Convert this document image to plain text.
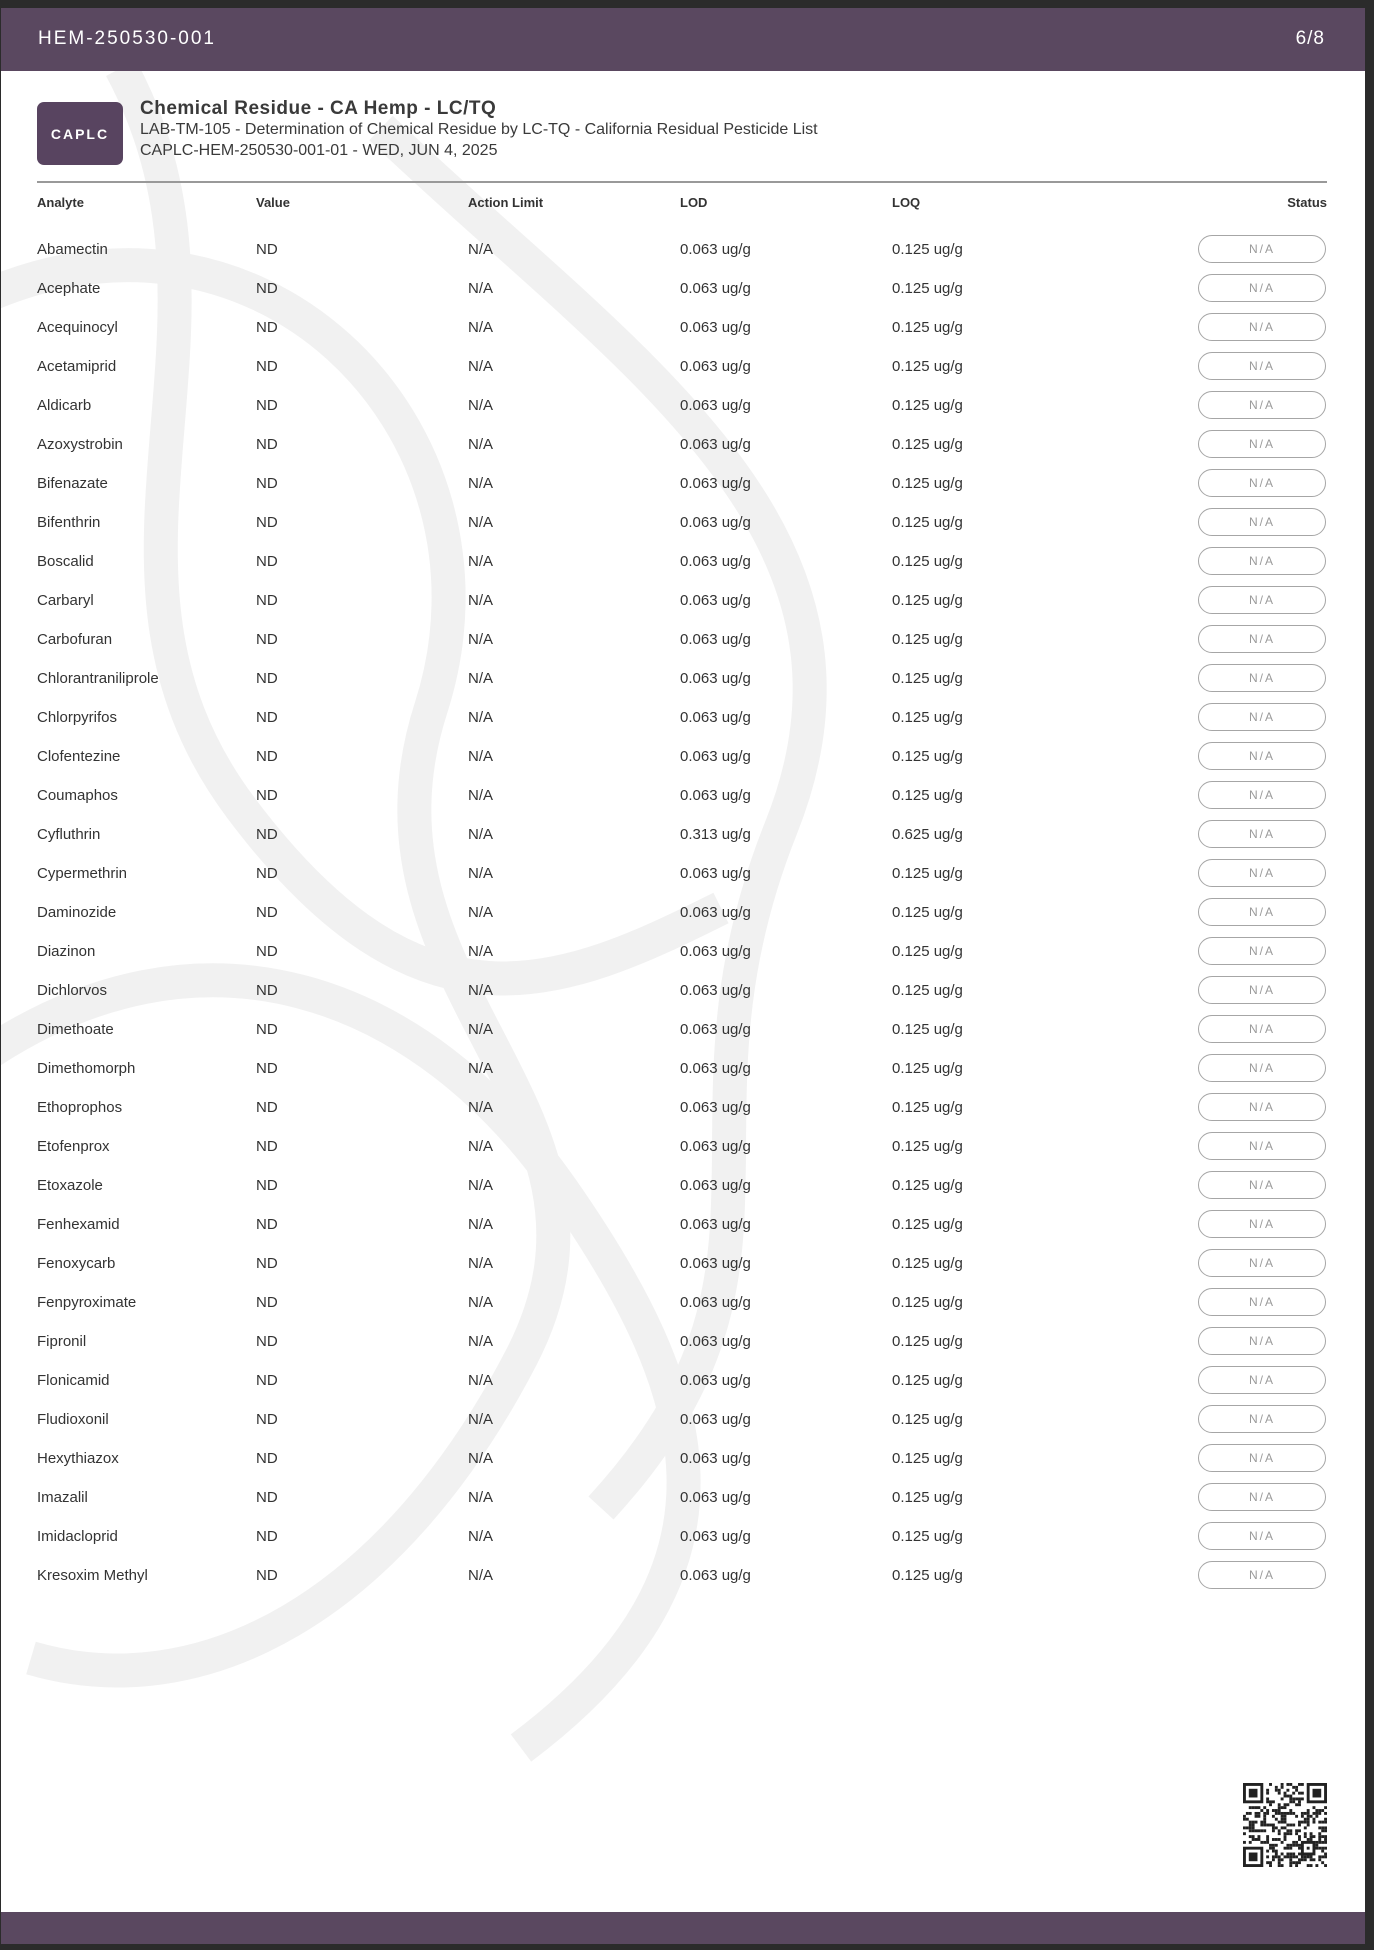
HEM-250530-001	6/8
CAPLC
Chemical Residue - CA Hemp - LC/TQ
LAB-TM-105 - Determination of Chemical Residue by LC-TQ - California Residual Pesticide List
CAPLC-HEM-250530-001-01 - WED, JUN 4, 2025
Analyte	Value	Action Limit	LOD	LOQ	Status
Abamectin	ND	N/A	0.063 ug/g	0.125 ug/g	N/A
Acephate	ND	N/A	0.063 ug/g	0.125 ug/g	N/A
Acequinocyl	ND	N/A	0.063 ug/g	0.125 ug/g	N/A
Acetamiprid	ND	N/A	0.063 ug/g	0.125 ug/g	N/A
Aldicarb	ND	N/A	0.063 ug/g	0.125 ug/g	N/A
Azoxystrobin	ND	N/A	0.063 ug/g	0.125 ug/g	N/A
Bifenazate	ND	N/A	0.063 ug/g	0.125 ug/g	N/A
Bifenthrin	ND	N/A	0.063 ug/g	0.125 ug/g	N/A
Boscalid	ND	N/A	0.063 ug/g	0.125 ug/g	N/A
Carbaryl	ND	N/A	0.063 ug/g	0.125 ug/g	N/A
Carbofuran	ND	N/A	0.063 ug/g	0.125 ug/g	N/A
Chlorantraniliprole	ND	N/A	0.063 ug/g	0.125 ug/g	N/A
Chlorpyrifos	ND	N/A	0.063 ug/g	0.125 ug/g	N/A
Clofentezine	ND	N/A	0.063 ug/g	0.125 ug/g	N/A
Coumaphos	ND	N/A	0.063 ug/g	0.125 ug/g	N/A
Cyfluthrin	ND	N/A	0.313 ug/g	0.625 ug/g	N/A
Cypermethrin	ND	N/A	0.063 ug/g	0.125 ug/g	N/A
Daminozide	ND	N/A	0.063 ug/g	0.125 ug/g	N/A
Diazinon	ND	N/A	0.063 ug/g	0.125 ug/g	N/A
Dichlorvos	ND	N/A	0.063 ug/g	0.125 ug/g	N/A
Dimethoate	ND	N/A	0.063 ug/g	0.125 ug/g	N/A
Dimethomorph	ND	N/A	0.063 ug/g	0.125 ug/g	N/A
Ethoprophos	ND	N/A	0.063 ug/g	0.125 ug/g	N/A
Etofenprox	ND	N/A	0.063 ug/g	0.125 ug/g	N/A
Etoxazole	ND	N/A	0.063 ug/g	0.125 ug/g	N/A
Fenhexamid	ND	N/A	0.063 ug/g	0.125 ug/g	N/A
Fenoxycarb	ND	N/A	0.063 ug/g	0.125 ug/g	N/A
Fenpyroximate	ND	N/A	0.063 ug/g	0.125 ug/g	N/A
Fipronil	ND	N/A	0.063 ug/g	0.125 ug/g	N/A
Flonicamid	ND	N/A	0.063 ug/g	0.125 ug/g	N/A
Fludioxonil	ND	N/A	0.063 ug/g	0.125 ug/g	N/A
Hexythiazox	ND	N/A	0.063 ug/g	0.125 ug/g	N/A
Imazalil	ND	N/A	0.063 ug/g	0.125 ug/g	N/A
Imidacloprid	ND	N/A	0.063 ug/g	0.125 ug/g	N/A
Kresoxim Methyl	ND	N/A	0.063 ug/g	0.125 ug/g	N/A
